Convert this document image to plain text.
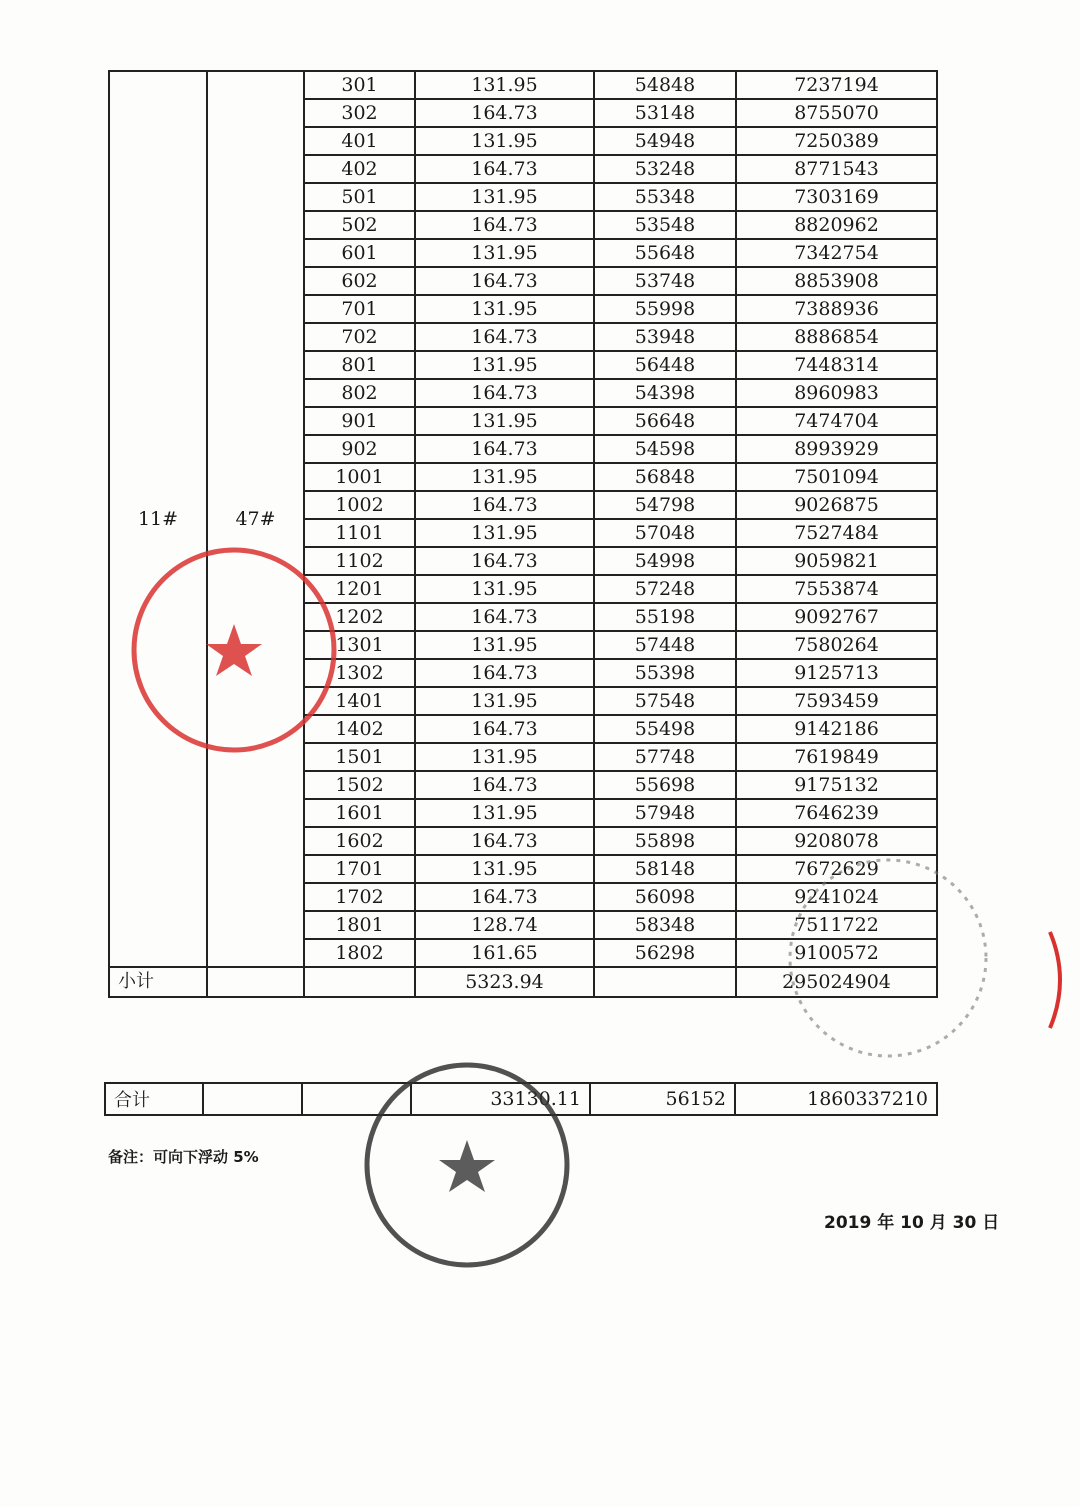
11#	47#	301	131.95	54848	7237194
		302	164.73	53148	8755070
		401	131.95	54948	7250389
		402	164.73	53248	8771543
		501	131.95	55348	7303169
		502	164.73	53548	8820962
		601	131.95	55648	7342754
		602	164.73	53748	8853908
		701	131.95	55998	7388936
		702	164.73	53948	8886854
		801	131.95	56448	7448314
		802	164.73	54398	8960983
		901	131.95	56648	7474704
		902	164.73	54598	8993929
		1001	131.95	56848	7501094
		1002	164.73	54798	9026875
		1101	131.95	57048	7527484
		1102	164.73	54998	9059821
		1201	131.95	57248	7553874
		1202	164.73	55198	9092767
		1301	131.95	57448	7580264
		1302	164.73	55398	9125713
		1401	131.95	57548	7593459
		1402	164.73	55498	9142186
		1501	131.95	57748	7619849
		1502	164.73	55698	9175132
		1601	131.95	57948	7646239
		1602	164.73	55898	9208078
		1701	131.95	58148	7672629
		1702	164.73	56098	9241024
		1801	128.74	58348	7511722
		1802	161.65	56298	9100572
小计			5323.94		295024904
合计			33130.11	56152	1860337210
备注：可向下浮动 5%
2019 年 10 月 30 日
